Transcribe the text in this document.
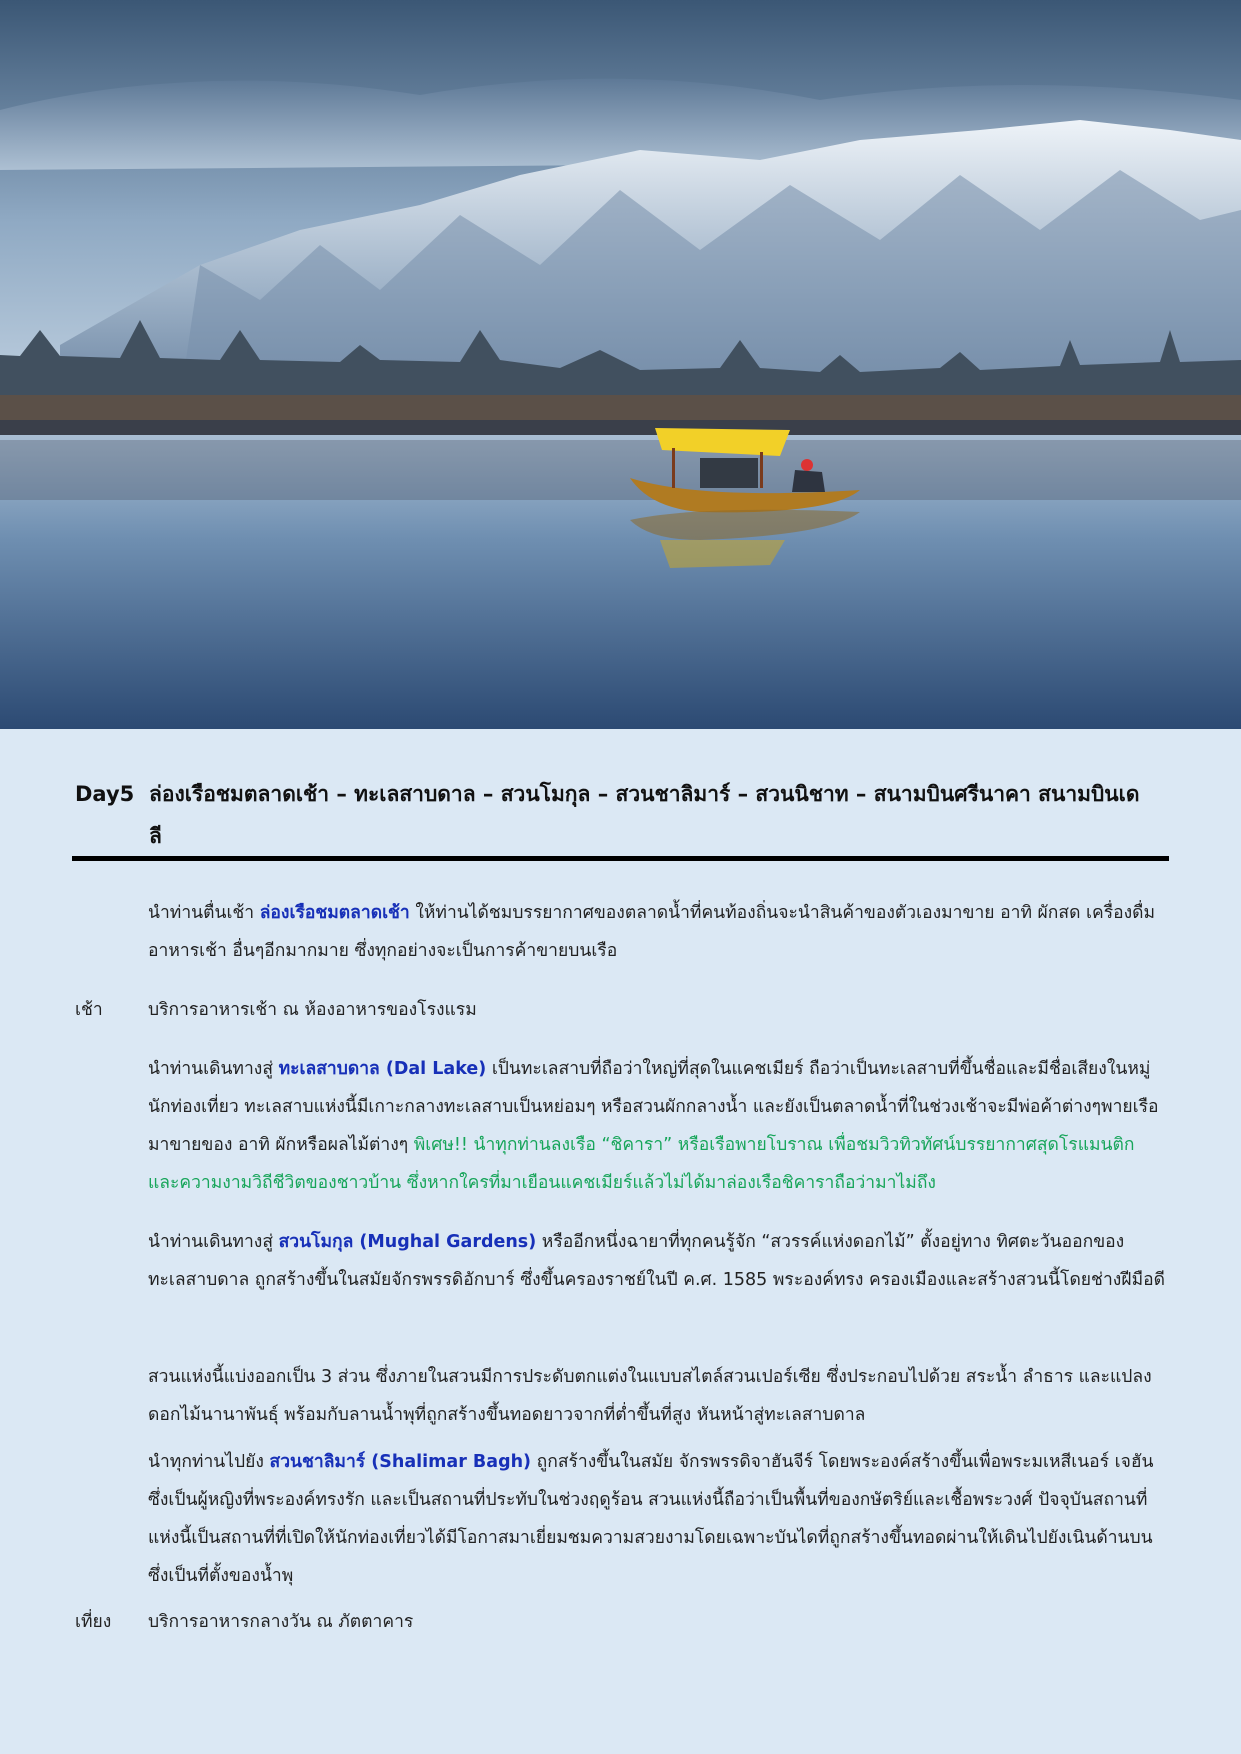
Day5 ล่องเรือชมตลาดเช้า – ทะเลสาบดาล – สวนโมกุล – สวนชาลิมาร์ – สวนนิชาท – สนามบินศรีนาคา สนามบินเดลี
นำท่านตื่นเช้า ล่องเรือชมตลาดเช้า ให้ท่านได้ชมบรรยากาศของตลาดน้ำที่คนท้องถิ่นจะนำสินค้าของตัวเองมาขาย อาทิ ผักสด เครื่องดื่ม อาหารเช้า อื่นๆอีกมากมาย ซึ่งทุกอย่างจะเป็นการค้าขายบนเรือ
เช้า	บริการอาหารเช้า ณ ห้องอาหารของโรงแรม
นำท่านเดินทางสู่ ทะเลสาบดาล (Dal Lake) เป็นทะเลสาบที่ถือว่าใหญ่ที่สุดในแคชเมียร์ ถือว่าเป็นทะเลสาบที่ขึ้นชื่อและมีชื่อเสียงในหมู่นักท่องเที่ยว ทะเลสาบแห่งนี้มีเกาะกลางทะเลสาบเป็นหย่อมๆ หรือสวนผักกลางน้ำ และยังเป็นตลาดน้ำที่ในช่วงเช้าจะมีพ่อค้าต่างๆพายเรือมาขายของ อาทิ ผักหรือผลไม้ต่างๆ พิเศษ!! นำทุกท่านลงเรือ “ชิคารา” หรือเรือพายโบราณ เพื่อชมวิวทิวทัศน์บรรยากาศสุดโรแมนติก และความงามวิถีชีวิตของชาวบ้าน ซึ่งหากใครที่มาเยือนแคชเมียร์แล้วไม่ได้มาล่องเรือชิคาราถือว่ามาไม่ถึง
นำท่านเดินทางสู่ สวนโมกุล (Mughal Gardens) หรืออีกหนึ่งฉายาที่ทุกคนรู้จัก “สวรรค์แห่งดอกไม้” ตั้งอยู่ทาง ทิศตะวันออกของทะเลสาบดาล ถูกสร้างขึ้นในสมัยจักรพรรดิอักบาร์ ซึ่งขึ้นครองราชย์ในปี ค.ศ. 1585 พระองค์ทรง ครองเมืองและสร้างสวนนี้โดยช่างฝีมือดี
สวนแห่งนี้แบ่งออกเป็น 3 ส่วน ซึ่งภายในสวนมีการประดับตกแต่งในแบบสไตล์สวนเปอร์เซีย ซึ่งประกอบไปด้วย สระน้ำ ลำธาร และแปลงดอกไม้นานาพันธุ์ พร้อมกับลานน้ำพุที่ถูกสร้างขึ้นทอดยาวจากที่ต่ำขึ้นที่สูง หันหน้าสู่ทะเลสาบดาล
นำทุกท่านไปยัง สวนชาลิมาร์ (Shalimar Bagh) ถูกสร้างขึ้นในสมัย จักรพรรดิจาฮันจีร์ โดยพระองค์สร้างขึ้นเพื่อพระมเหสีเนอร์ เจฮัน ซึ่งเป็นผู้หญิงที่พระองค์ทรงรัก และเป็นสถานที่ประทับในช่วงฤดูร้อน สวนแห่งนี้ถือว่าเป็นพื้นที่ของกษัตริย์และเชื้อพระวงศ์ ปัจจุบันสถานที่แห่งนี้เป็นสถานที่ที่เปิดให้นักท่องเที่ยวได้มีโอกาสมาเยี่ยมชมความสวยงามโดยเฉพาะบันไดที่ถูกสร้างขึ้นทอดผ่านให้เดินไปยังเนินด้านบนซึ่งเป็นที่ตั้งของน้ำพุ
เที่ยง บริการอาหารกลางวัน ณ ภัตตาคาร
